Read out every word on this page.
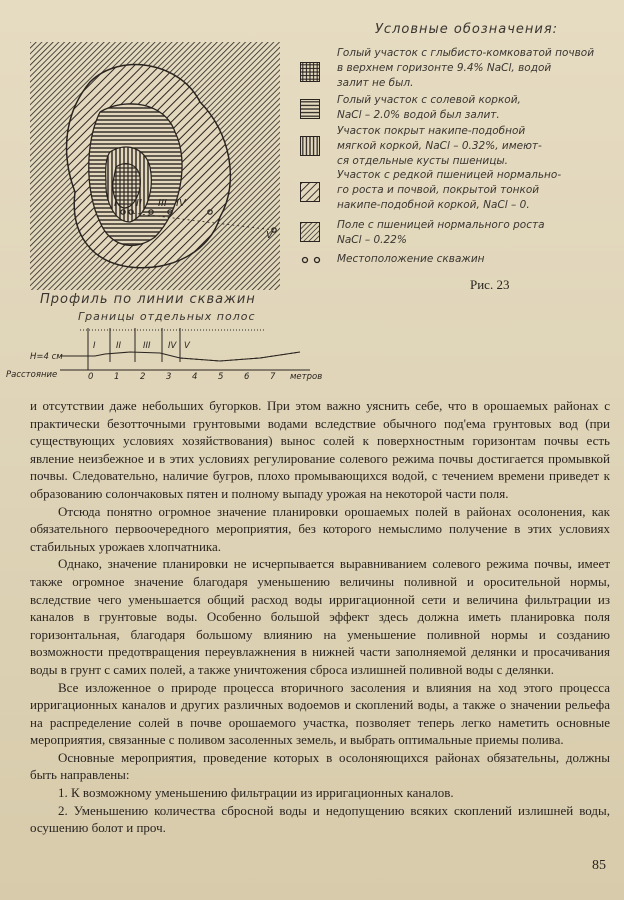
I II III IV
V
Условные обозначения:
Голый участок с глыбисто-комковатой почвой
в верхнем горизонте 9.4% NaCl, водой
залит не был.
Голый участок с солевой коркой,
NaCl – 2.0% водой был залит.
Участок покрыт накипе-подобной
мягкой коркой, NaCl – 0.32%, имеют-
ся отдельные кусты пшеницы.
Участок с редкой пшеницей нормально-
го роста и почвой, покрытой тонкой
накипе-подобной коркой, NaCl – 0.
Поле с пшеницей нормального роста
NaCl – 0.22%
Местоположение скважин
Рис. 23
Профиль по линии скважин
Границы отдельных полос
I II	III IV V
Н=4 см
Расстояние	0 1 2 3 4 5 6 7 метров

и отсутствии даже небольших бугорков. При этом важно уяснить себе, что в орошаемых районах с практически безотточными грунтовыми водами вследствие обычного под'ема грунтовых вод (при существующих условиях хозяйствования) вынос солей к поверхностным горизонтам почвы есть явление неизбежное и в этих условиях регулирование солевого режима почвы достигается промывкой почвы. Следовательно, наличие бугров, плохо промывающихся водой, с течением времени приведет к образованию солончаковых пятен и полному выпаду урожая на некоторой части поля.

Отсюда понятно огромное значение планировки орошаемых полей в районах осолонения, как обязательного первоочередного мероприятия, без которого немыслимо получение в этих условиях стабильных урожаев хлопчатника.

Однако, значение планировки не исчерпывается выравниванием солевого режима почвы, имеет также огромное значение благодаря уменьшению величины поливной и оросительной нормы, вследствие чего уменьшается общий расход воды ирригационной сети и величина фильтрации из каналов в грунтовые воды. Особенно большой эффект здесь должна иметь планировка поля горизонтальная, благодаря большому влиянию на уменьшение поливной нормы и созданию возможности предотвращения переувлажнения в нижней части заполняемой делянки и просачивания воды в грунт с самих полей, а также уничтожения сброса излишней поливной воды с делянки.

Все изложенное о природе процесса вторичного засоления и влияния на ход этого процесса ирригационных каналов и других различных водоемов и скоплений воды, а также о значении рельефа на распределение солей в почве орошаемого участка, позволяет теперь легко наметить основные мероприятия, связанные с поливом засоленных земель, и выбрать оптимальные приемы полива.

Основные мероприятия, проведение которых в осолоняющихся районах обязательны, должны быть направлены:

1. К возможному уменьшению фильтрации из ирригационных каналов.

2. Уменьшению количества сбросной воды и недопущению всяких скоплений излишней воды, осушению болот и проч.

85
